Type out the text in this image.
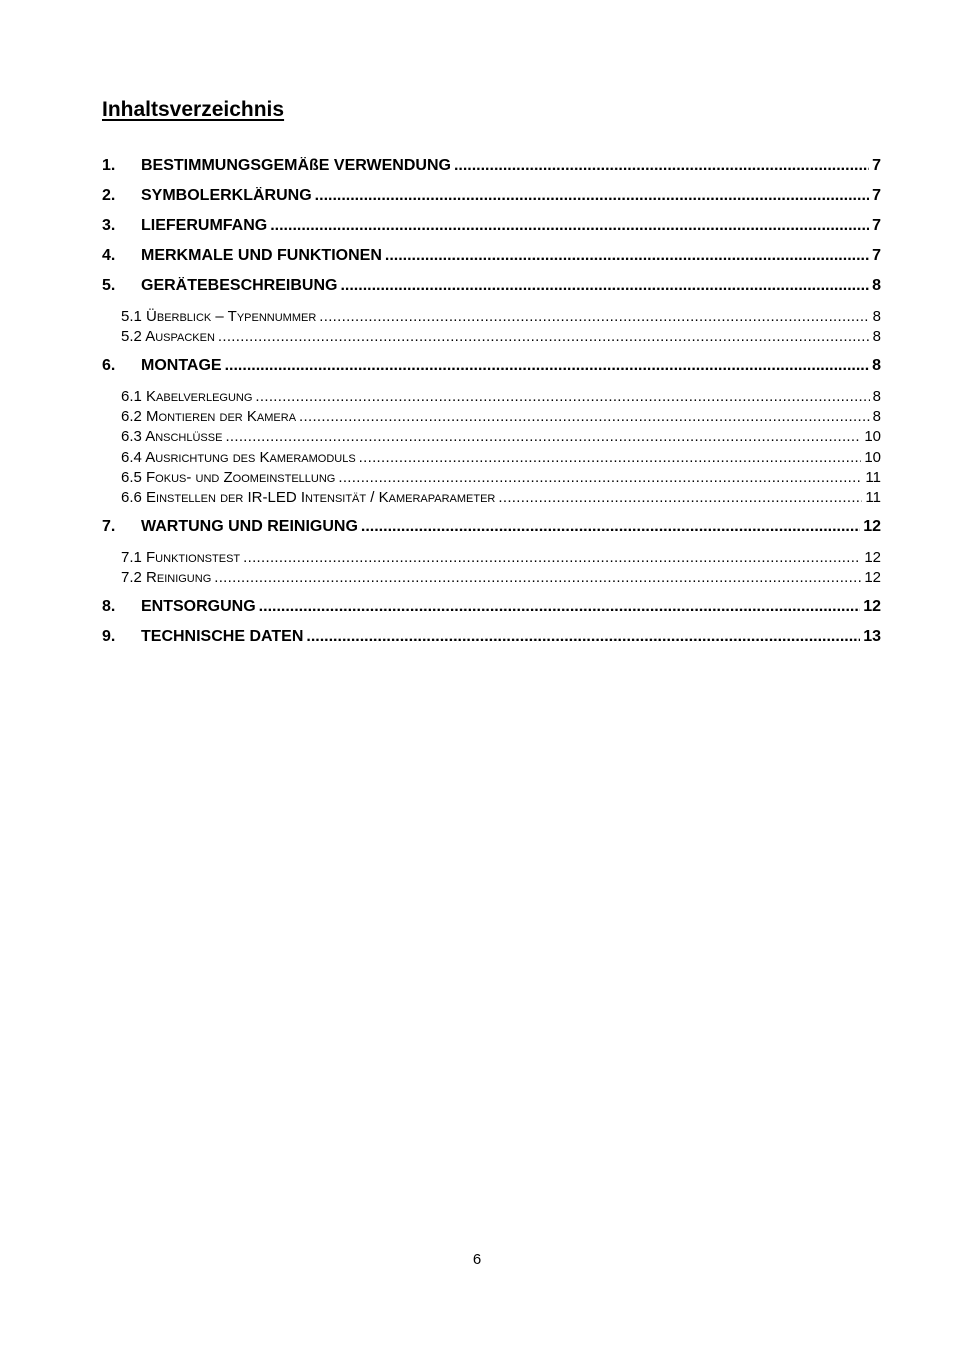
Inhaltsverzeichnis
1.	BESTIMMUNGSGEMÄßE VERWENDUNG .....	7
2.	SYMBOLERKLÄRUNG .....	7
3.	LIEFERUMFANG .....	7
4.	MERKMALE UND FUNKTIONEN .....	7
5.	GERÄTEBESCHREIBUNG .....	8
5.1 Überblick – Typennummer .....	8
5.2 Auspacken .....	8
6.	MONTAGE .....	8
6.1 Kabelverlegung .....	8
6.2 Montieren der Kamera .....	8
6.3 Anschlüsse .....	10
6.4 Ausrichtung des Kameramoduls .....	10
6.5 Fokus- und Zoomeinstellung .....	11
6.6 Einstellen der IR-LED Intensität / Kameraparameter .....	11
7.	WARTUNG UND REINIGUNG .....	12
7.1 Funktionstest .....	12
7.2 Reinigung .....	12
8.	ENTSORGUNG .....	12
9.	TECHNISCHE DATEN .....	13
6
